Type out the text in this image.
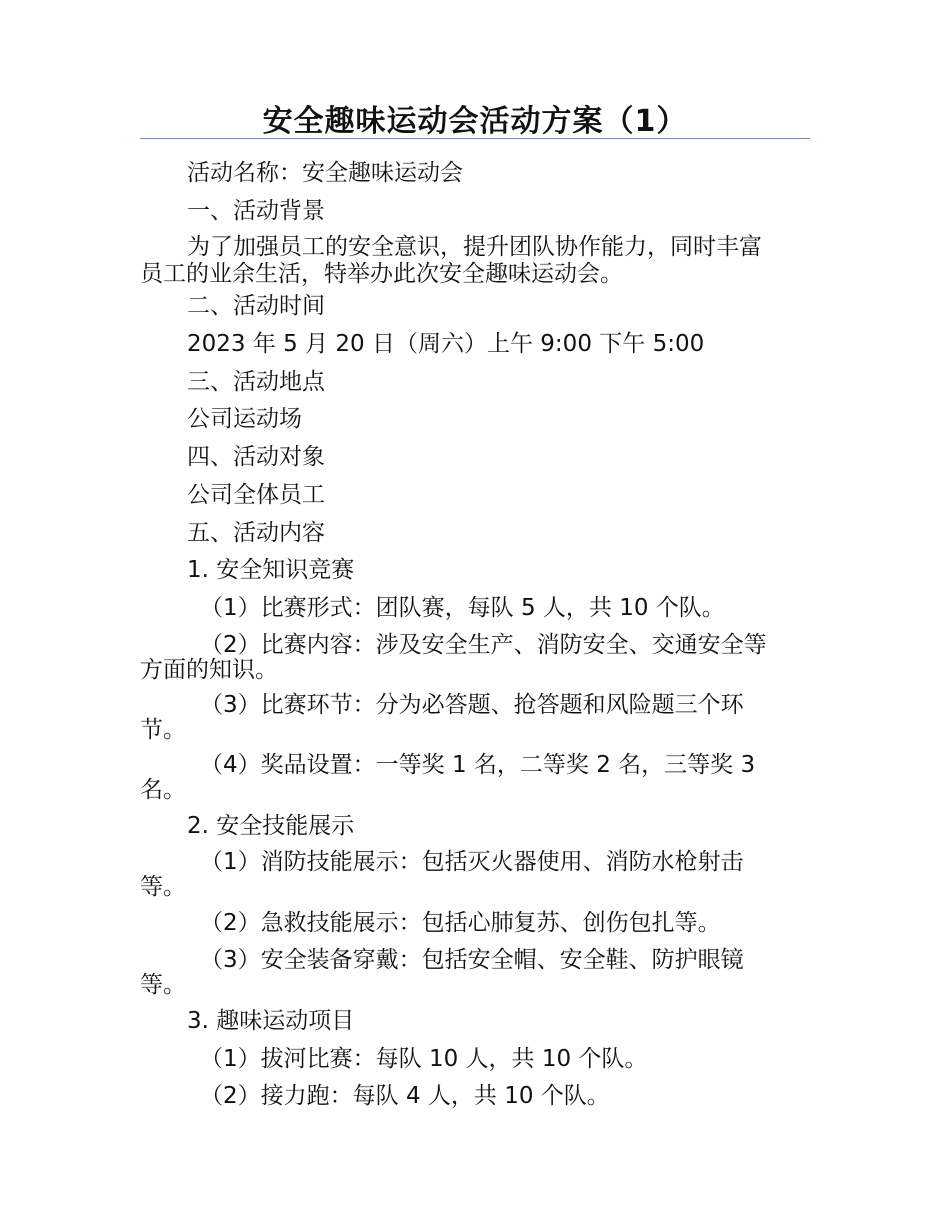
安全趣味运动会活动方案（1）
活动名称：安全趣味运动会
一、活动背景
为了加强员工的安全意识，提升团队协作能力，同时丰富
员工的业余生活，特举办此次安全趣味运动会。
二、活动时间
2023 年 5 月 20 日（周六）上午 9:00 下午 5:00
三、活动地点
公司运动场
四、活动对象
公司全体员工
五、活动内容
1. 安全知识竞赛
（1）比赛形式：团队赛，每队 5 人，共 10 个队。
（2）比赛内容：涉及安全生产、消防安全、交通安全等
方面的知识。
（3）比赛环节：分为必答题、抢答题和风险题三个环
节。
（4）奖品设置：一等奖 1 名，二等奖 2 名，三等奖 3
名。
2. 安全技能展示
（1）消防技能展示：包括灭火器使用、消防水枪射击
等。
（2）急救技能展示：包括心肺复苏、创伤包扎等。
（3）安全装备穿戴：包括安全帽、安全鞋、防护眼镜
等。
3. 趣味运动项目
（1）拔河比赛：每队 10 人，共 10 个队。
（2）接力跑：每队 4 人，共 10 个队。
